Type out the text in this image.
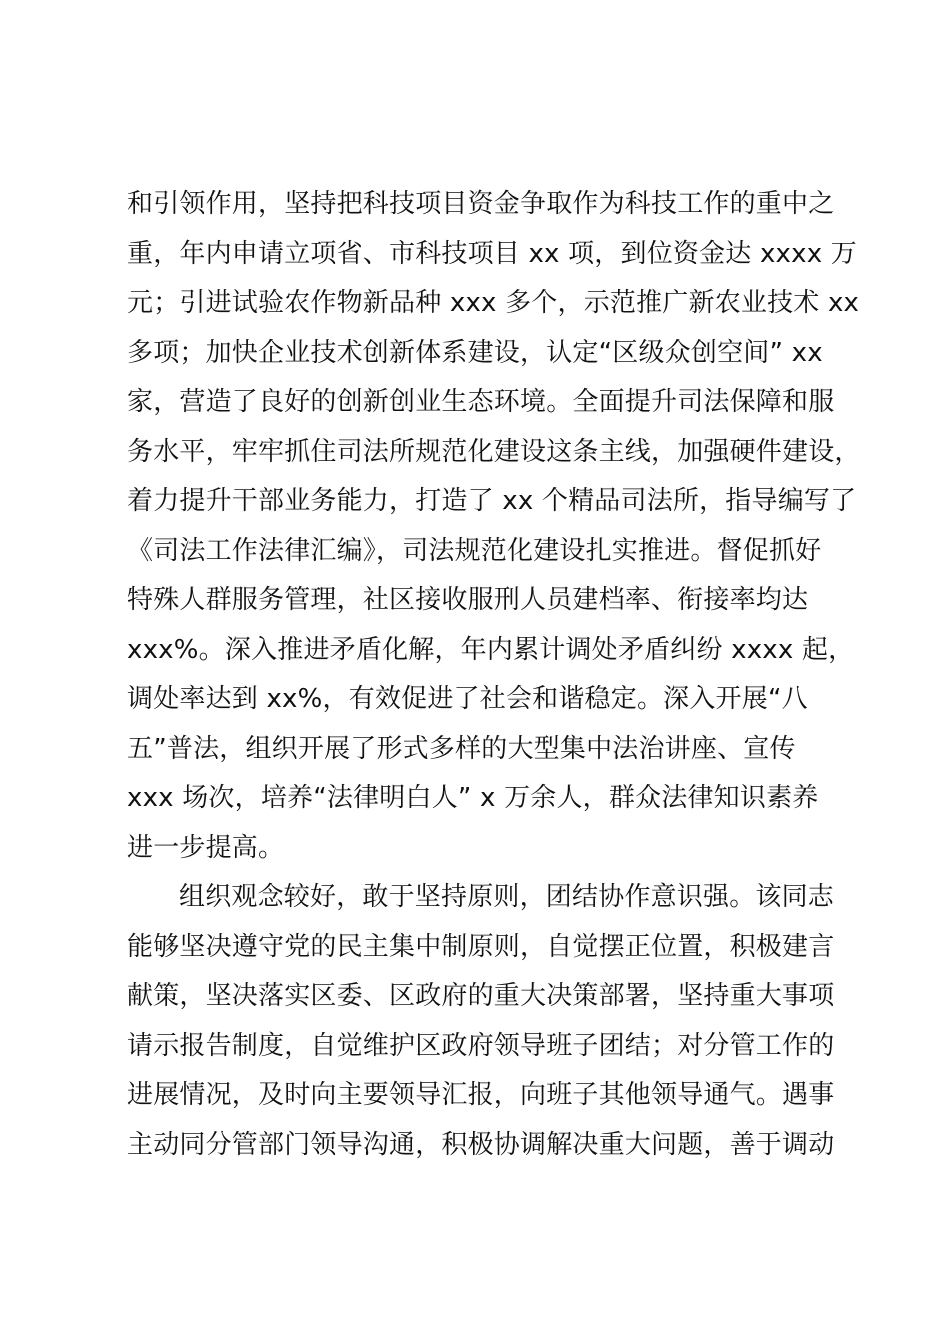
和引领作用，坚持把科技项目资金争取作为科技工作的重中之
重，年内申请立项省、市科技项目 xx 项，到位资金达 xxxx 万
元；引进试验农作物新品种 xxx 多个，示范推广新农业技术 xx
多项；加快企业技术创新体系建设，认定“区级众创空间” xx
家，营造了良好的创新创业生态环境。全面提升司法保障和服
务水平，牢牢抓住司法所规范化建设这条主线，加强硬件建设，
着力提升干部业务能力，打造了 xx 个精品司法所，指导编写了
《司法工作法律汇编》，司法规范化建设扎实推进。督促抓好
特殊人群服务管理，社区接收服刑人员建档率、衔接率均达
xxx%。深入推进矛盾化解，年内累计调处矛盾纠纷 xxxx 起，
调处率达到 xx%，有效促进了社会和谐稳定。深入开展“八
五”普法，组织开展了形式多样的大型集中法治讲座、宣传
xxx 场次，培养“法律明白人” x 万余人，群众法律知识素养
进一步提高。
组织观念较好，敢于坚持原则，团结协作意识强。该同志
能够坚决遵守党的民主集中制原则，自觉摆正位置，积极建言
献策，坚决落实区委、区政府的重大决策部署，坚持重大事项
请示报告制度，自觉维护区政府领导班子团结；对分管工作的
进展情况，及时向主要领导汇报，向班子其他领导通气。遇事
主动同分管部门领导沟通，积极协调解决重大问题，善于调动
